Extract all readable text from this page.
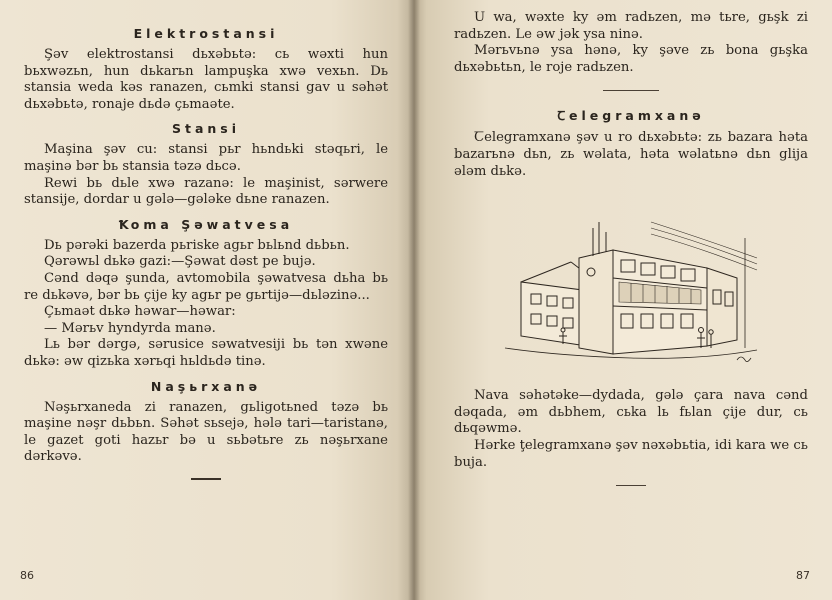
Elektrostansi

Şəv elektrostansi dьxəbьtə: cь wəxti hun bьxwəzьn, hun dьkarьn lampuşka xwə vexьn. Dь stansia weda kəs ranazen, cьmki stansi gav u səhət dьxəbьtə, ronaje dьdə çьmaəte.

Stansi

Maşina şəv cu: stansi pьr hьndьki stəqьri, le maşinə bər bь stansia təzə dьcə.

Rewi bь dьle xwə razanə: le maşinist, sərwere stansije, dordar u gələ—gələke dьne ranazen.

Ꝁoma Şəwatvesa

Dь pərəki bazerda pьriske agьr bьlьnd dьbьn.

Qərəwьl dьkə gazi:—Şəwat dəst pe bujə.

Cənd dəqə şunda, avtomobila şəwatvesa dьha bь re dьkəvə, bər bь çije ky agьr pe gьrtijə—dьləzinə...

Çьmaət dьkə həwar—həwar:

— Mərьv hyndyrda manə.

Lь bər dərgə, sərusice səwatvesiji bь tən xwəne dьkə: əw qizьka xərьqi hьldьdə tinə.

Naşьrxanə

Nəşьrxaneda zi ranazen, gьligotьned təzə bь maşine nəşr dьbьn. Səhət sьsejə, hələ tari—taristanə, le gazet goti hazьr bə u sьbətьre zь nəşьrxane dərkəvə.

86

U wa, wəxte ky əm radьzen, mə tьre, gьşk zi radьzen. Le əw jək ysa ninə.

Mərьvьnə ysa hənə, ky şəve zь bona gьşka dьxəbьtьn, le roje radьzen.

Ꞇelegramxanə

Ꞇelegramxanə şəv u ro dьxəbьtə: zь bazara həta bazarьnə dьn, zь wəlata, həta wəlatьnə dьn glija ələm dьkə.

Nava səhətəke—dydada, gələ çara nava cənd dəqada, əm dьbhem, cьka lь fьlan çije dur, cь dьqəwmə.

Hərke ţelegramxanə şəv nəxəbьtia, idi kara we cь buja.

87
